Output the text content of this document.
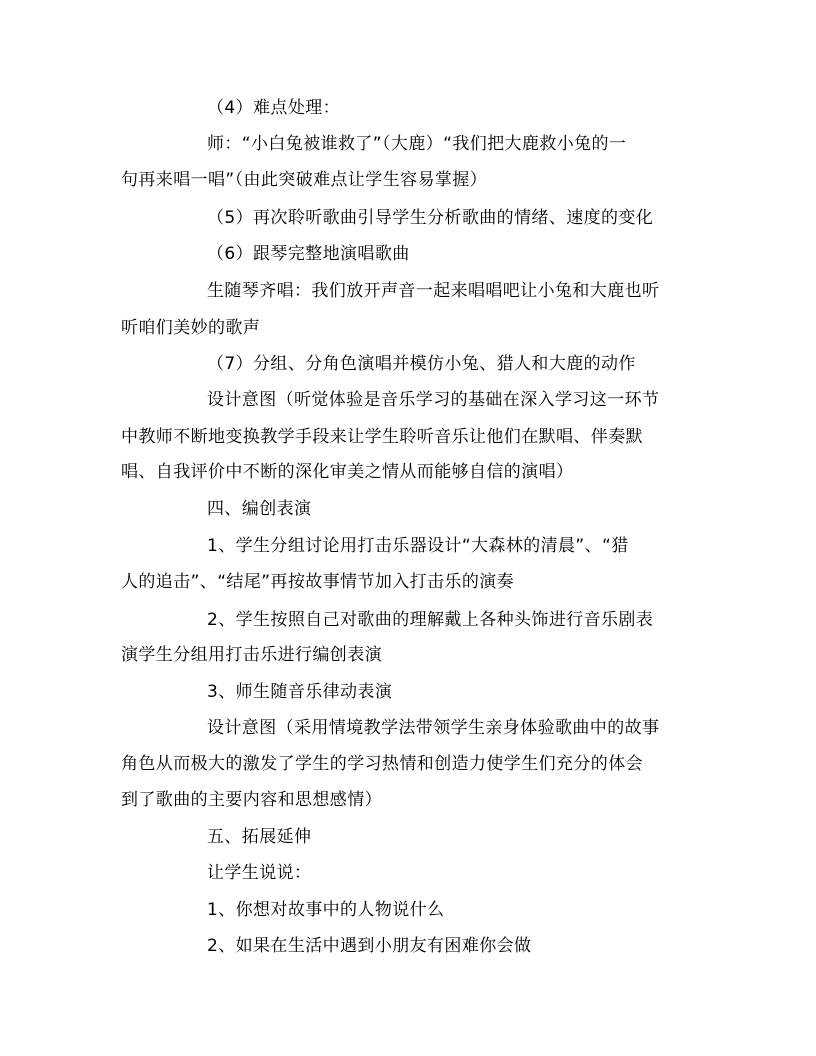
（4）难点处理：
师：“小白兔被谁救了”（大鹿）“我们把大鹿救小兔的一
句再来唱一唱”（由此突破难点让学生容易掌握）
（5）再次聆听歌曲引导学生分析歌曲的情绪、速度的变化
（6）跟琴完整地演唱歌曲
生随琴齐唱：我们放开声音一起来唱唱吧让小兔和大鹿也听
听咱们美妙的歌声
（7）分组、分角色演唱并模仿小兔、猎人和大鹿的动作
设计意图（听觉体验是音乐学习的基础在深入学习这一环节
中教师不断地变换教学手段来让学生聆听音乐让他们在默唱、伴奏默
唱、自我评价中不断的深化审美之情从而能够自信的演唱）
四、编创表演
1、学生分组讨论用打击乐器设计“大森林的清晨”、“猎
人的追击”、“结尾”再按故事情节加入打击乐的演奏
2、学生按照自己对歌曲的理解戴上各种头饰进行音乐剧表
演学生分组用打击乐进行编创表演
3、师生随音乐律动表演
设计意图（采用情境教学法带领学生亲身体验歌曲中的故事
角色从而极大的激发了学生的学习热情和创造力使学生们充分的体会
到了歌曲的主要内容和思想感情）
五、拓展延伸
让学生说说：
1、你想对故事中的人物说什么
2、如果在生活中遇到小朋友有困难你会做
